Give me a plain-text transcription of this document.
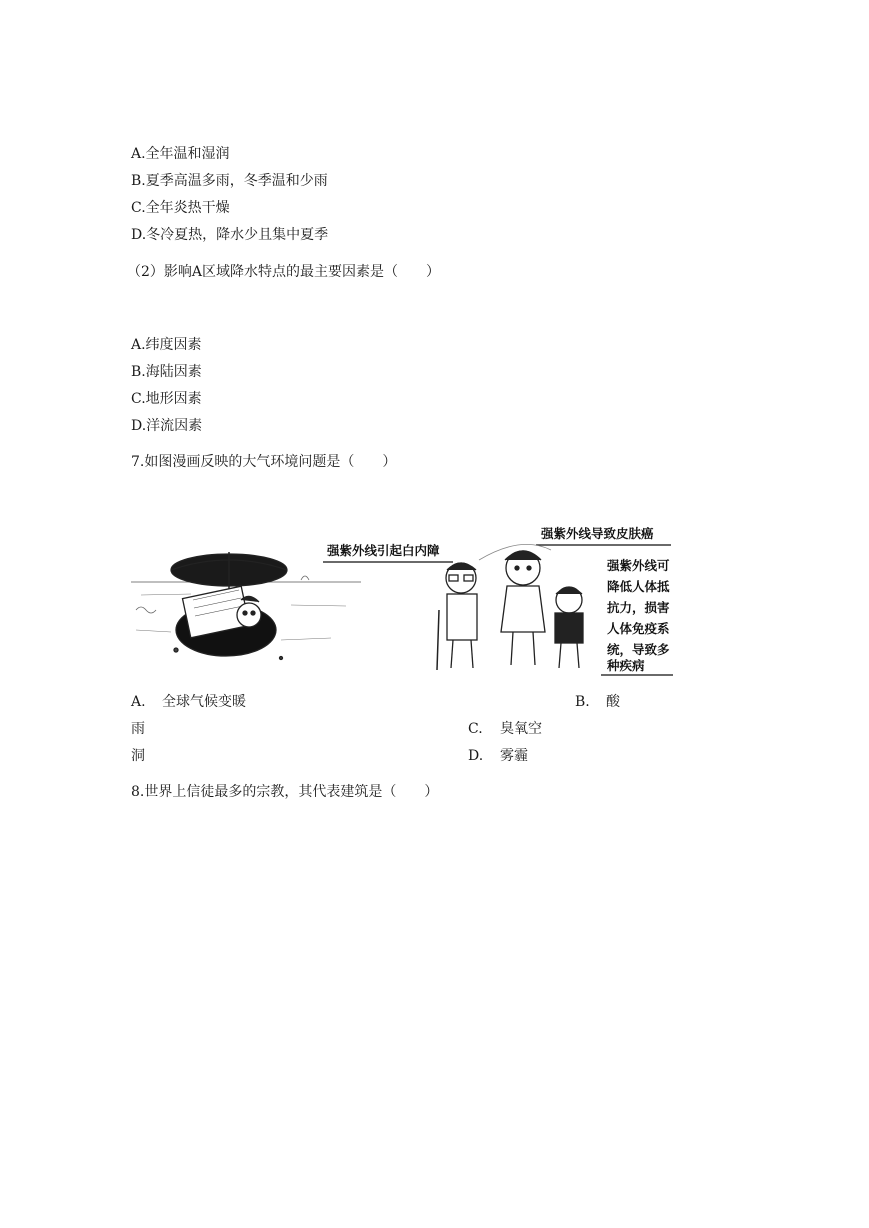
A.全年温和湿润
B.夏季高温多雨，冬季温和少雨
C.全年炎热干燥
D.冬冷夏热，降水少且集中夏季
（2）影响A区域降水特点的最主要因素是（　　）
A.纬度因素
B.海陆因素
C.地形因素
D.洋流因素
7.如图漫画反映的大气环境问题是（　　）
强紫外线引起白内障
强紫外线导致皮肤癌
强紫外线可
降低人体抵
抗力，损害
人体免疫系
统，导致多
种疾病
A. 全球气候变暖	B. 酸
雨	C. 臭氧空
洞	D. 雾霾
8.世界上信徒最多的宗教，其代表建筑是（　　）
